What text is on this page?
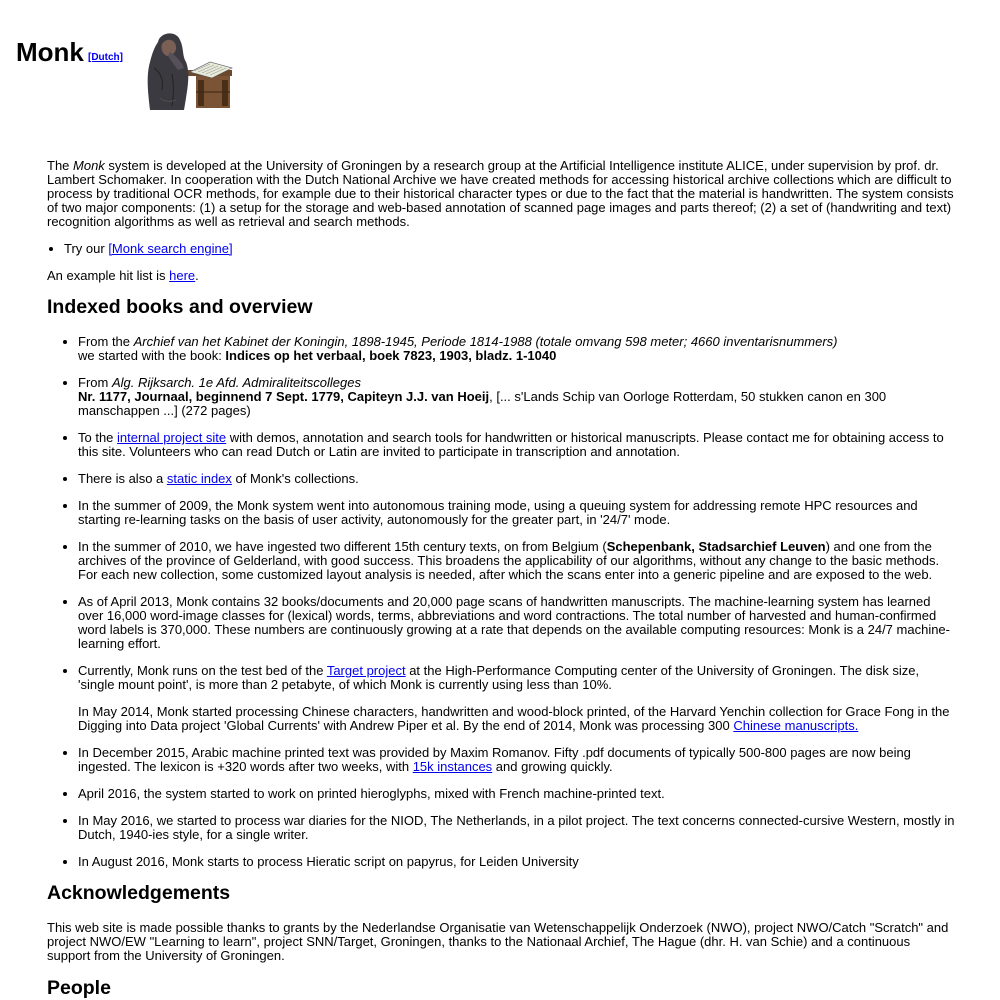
Monk [Dutch]

The Monk system is developed at the University of Groningen by a research group at the Artificial Intelligence institute ALICE, under supervision by prof. dr. Lambert Schomaker. In cooperation with the Dutch National Archive we have created methods for accessing historical archive collections which are difficult to process by traditional OCR methods, for example due to their historical character types or due to the fact that the material is handwritten. The system consists of two major components: (1) a setup for the storage and web-based annotation of scanned page images and parts thereof; (2) a set of (handwriting and text) recognition algorithms as well as retrieval and search methods.

• Try our [Monk search engine]

An example hit list is here.

Indexed books and overview
• From the Archief van het Kabinet der Koningin, 1898-1945, Periode 1814-1988 (totale omvang 598 meter; 4660 inventarisnummers)
we started with the book: Indices op het verbaal, boek 7823, 1903, bladz. 1-1040
• From Alg. Rijksarch. 1e Afd. Admiraliteitscolleges
Nr. 1177, Journaal, beginnend 7 Sept. 1779, Capiteyn J.J. van Hoeij, [... s'Lands Schip van Oorloge Rotterdam, 50 stukken canon en 300 manschappen ...] (272 pages)
• To the internal project site with demos, annotation and search tools for handwritten or historical manuscripts. Please contact me for obtaining access to this site. Volunteers who can read Dutch or Latin are invited to participate in transcription and annotation.
• There is also a static index of Monk's collections.
• In the summer of 2009, the Monk system went into autonomous training mode, using a queuing system for addressing remote HPC resources and starting re-learning tasks on the basis of user activity, autonomously for the greater part, in '24/7' mode.
• In the summer of 2010, we have ingested two different 15th century texts, on from Belgium (Schepenbank, Stadsarchief Leuven) and one from the archives of the province of Gelderland, with good success. This broadens the applicability of our algorithms, without any change to the basic methods. For each new collection, some customized layout analysis is needed, after which the scans enter into a generic pipeline and are exposed to the web.
• As of April 2013, Monk contains 32 books/documents and 20,000 page scans of handwritten manuscripts. The machine-learning system has learned over 16,000 word-image classes for (lexical) words, terms, abbreviations and word contractions. The total number of harvested and human-confirmed word labels is 370,000. These numbers are continuously growing at a rate that depends on the available computing resources: Monk is a 24/7 machine-learning effort.
• Currently, Monk runs on the test bed of the Target project at the High-Performance Computing center of the University of Groningen. The disk size, 'single mount point', is more than 2 petabyte, of which Monk is currently using less than 10%.

In May 2014, Monk started processing Chinese characters, handwritten and wood-block printed, of the Harvard Yenchin collection for Grace Fong in the Digging into Data project 'Global Currents' with Andrew Piper et al. By the end of 2014, Monk was processing 300 Chinese manuscripts.

• In December 2015, Arabic machine printed text was provided by Maxim Romanov. Fifty .pdf documents of typically 500-800 pages are now being ingested. The lexicon is +320 words after two weeks, with 15k instances and growing quickly.
• April 2016, the system started to work on printed hieroglyphs, mixed with French machine-printed text.
• In May 2016, we started to process war diaries for the NIOD, The Netherlands, in a pilot project. The text concerns connected-cursive Western, mostly in Dutch, 1940-ies style, for a single writer.
• In August 2016, Monk starts to process Hieratic script on papyrus, for Leiden University
Acknowledgements

This web site is made possible thanks to grants by the Nederlandse Organisatie van Wetenschappelijk Onderzoek (NWO), project NWO/Catch "Scratch" and project NWO/EW "Learning to learn", project SNN/Target, Groningen, thanks to the Nationaal Archief, The Hague (dhr. H. van Schie) and a continuous support from the University of Groningen.

People
